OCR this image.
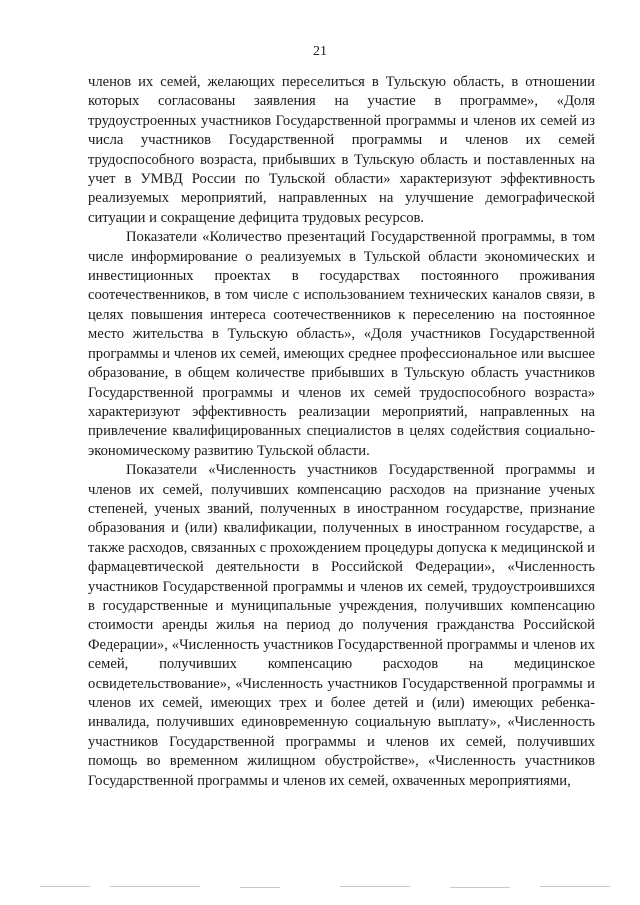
21

членов их семей, желающих переселиться в Тульскую область, в отношении которых согласованы заявления на участие в программе», «Доля трудоустроенных участников Государственной программы и членов их семей из числа участников Государственной программы и членов их семей трудоспособного возраста, прибывших в Тульскую область и поставленных на учет в УМВД России по Тульской области» характеризуют эффективность реализуемых мероприятий, направленных на улучшение демографической ситуации и сокращение дефицита трудовых ресурсов.

Показатели «Количество презентаций Государственной программы, в том числе информирование о реализуемых в Тульской области экономических и инвестиционных проектах в государствах постоянного проживания соотечественников, в том числе с использованием технических каналов связи, в целях повышения интереса соотечественников к переселению на постоянное место жительства в Тульскую область», «Доля участников Государственной программы и членов их семей, имеющих среднее профессиональное или высшее образование, в общем количестве прибывших в Тульскую область участников Государственной программы и членов их семей трудоспособного возраста» характеризуют эффективность реализации мероприятий, направленных на привлечение квалифицированных специалистов в целях содействия социально-экономическому развитию Тульской области.

Показатели «Численность участников Государственной программы и членов их семей, получивших компенсацию расходов на признание ученых степеней, ученых званий, полученных в иностранном государстве, признание образования и (или) квалификации, полученных в иностранном государстве, а также расходов, связанных с прохождением процедуры допуска к медицинской и фармацевтической деятельности в Российской Федерации», «Численность участников Государственной программы и членов их семей, трудоустроившихся в государственные и муниципальные учреждения, получивших компенсацию стоимости аренды жилья на период до получения гражданства Российской Федерации», «Численность участников Государственной программы и членов их семей, получивших компенсацию расходов на медицинское освидетельствование», «Численность участников Государственной программы и членов их семей, имеющих трех и более детей и (или) имеющих ребенка-инвалида, получивших единовременную социальную выплату», «Численность участников Государственной программы и членов их семей, получивших помощь во временном жилищном обустройстве», «Численность участников Государственной программы и членов их семей, охваченных мероприятиями,
